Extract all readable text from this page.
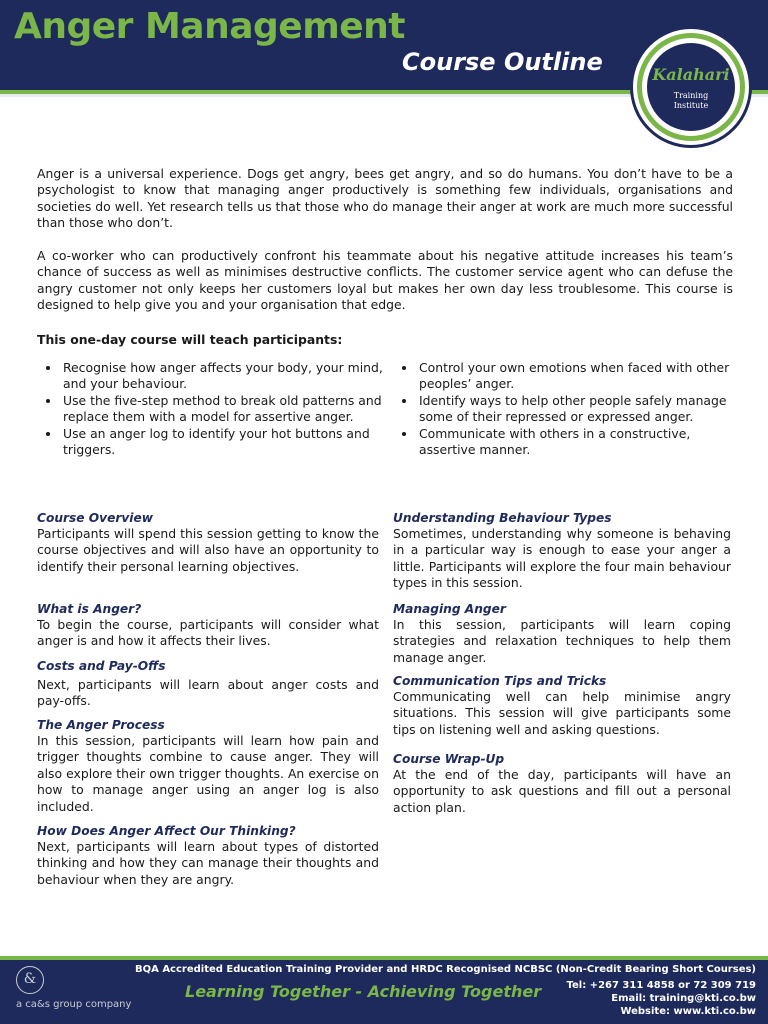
Anger Management
Course Outline	Kalahari
Training
Institute

Anger is a universal experience. Dogs get angry, bees get angry, and so do humans. You don’t have to be a psychologist to know that managing anger productively is something few individuals, organisations and societies do well. Yet research tells us that those who do manage their anger at work are much more successful than those who don’t.

A co-worker who can productively confront his teammate about his negative attitude increases his team’s chance of success as well as minimises destructive conflicts. The customer service agent who can defuse the angry customer not only keeps her customers loyal but makes her own day less troublesome. This course is designed to help give you and your organisation that edge.

This one-day course will teach participants:
Recognise how anger affects your body, your mind, and your behaviour.
Use the five-step method to break old patterns and replace them with a model for assertive anger.
Use an anger log to identify your hot buttons and triggers.
Control your own emotions when faced with other peoples’ anger.
Identify ways to help other people safely manage some of their repressed or expressed anger.
Communicate with others in a constructive, assertive manner.
Course Overview

Participants will spend this session getting to know the course objectives and will also have an opportunity to identify their personal learning objectives.

What is Anger?

To begin the course, participants will consider what anger is and how it affects their lives.

Costs and Pay-Offs

Next, participants will learn about anger costs and pay-offs.

The Anger Process

In this session, participants will learn how pain and trigger thoughts combine to cause anger. They will also explore their own trigger thoughts. An exercise on how to manage anger using an anger log is also included.

How Does Anger Affect Our Thinking?

Next, participants will learn about types of distorted thinking and how they can manage their thoughts and behaviour when they are angry.

Understanding Behaviour Types

Sometimes, understanding why someone is behaving in a particular way is enough to ease your anger a little. Participants will explore the four main behaviour types in this session.

Managing Anger

In this session, participants will learn coping strategies and relaxation techniques to help them manage anger.

Communication Tips and Tricks

Communicating well can help minimise angry situations. This session will give participants some tips on listening well and asking questions.

Course Wrap-Up

At the end of the day, participants will have an opportunity to ask questions and fill out a personal action plan.

&
a ca&s group company
BQA Accredited Education Training Provider and HRDC Recognised NCBSC (Non-Credit Bearing Short Courses)
Learning Together - Achieving Together	Tel: +267 311 4858 or 72 309 719
Email: training@kti.co.bw
Website: www.kti.co.bw
